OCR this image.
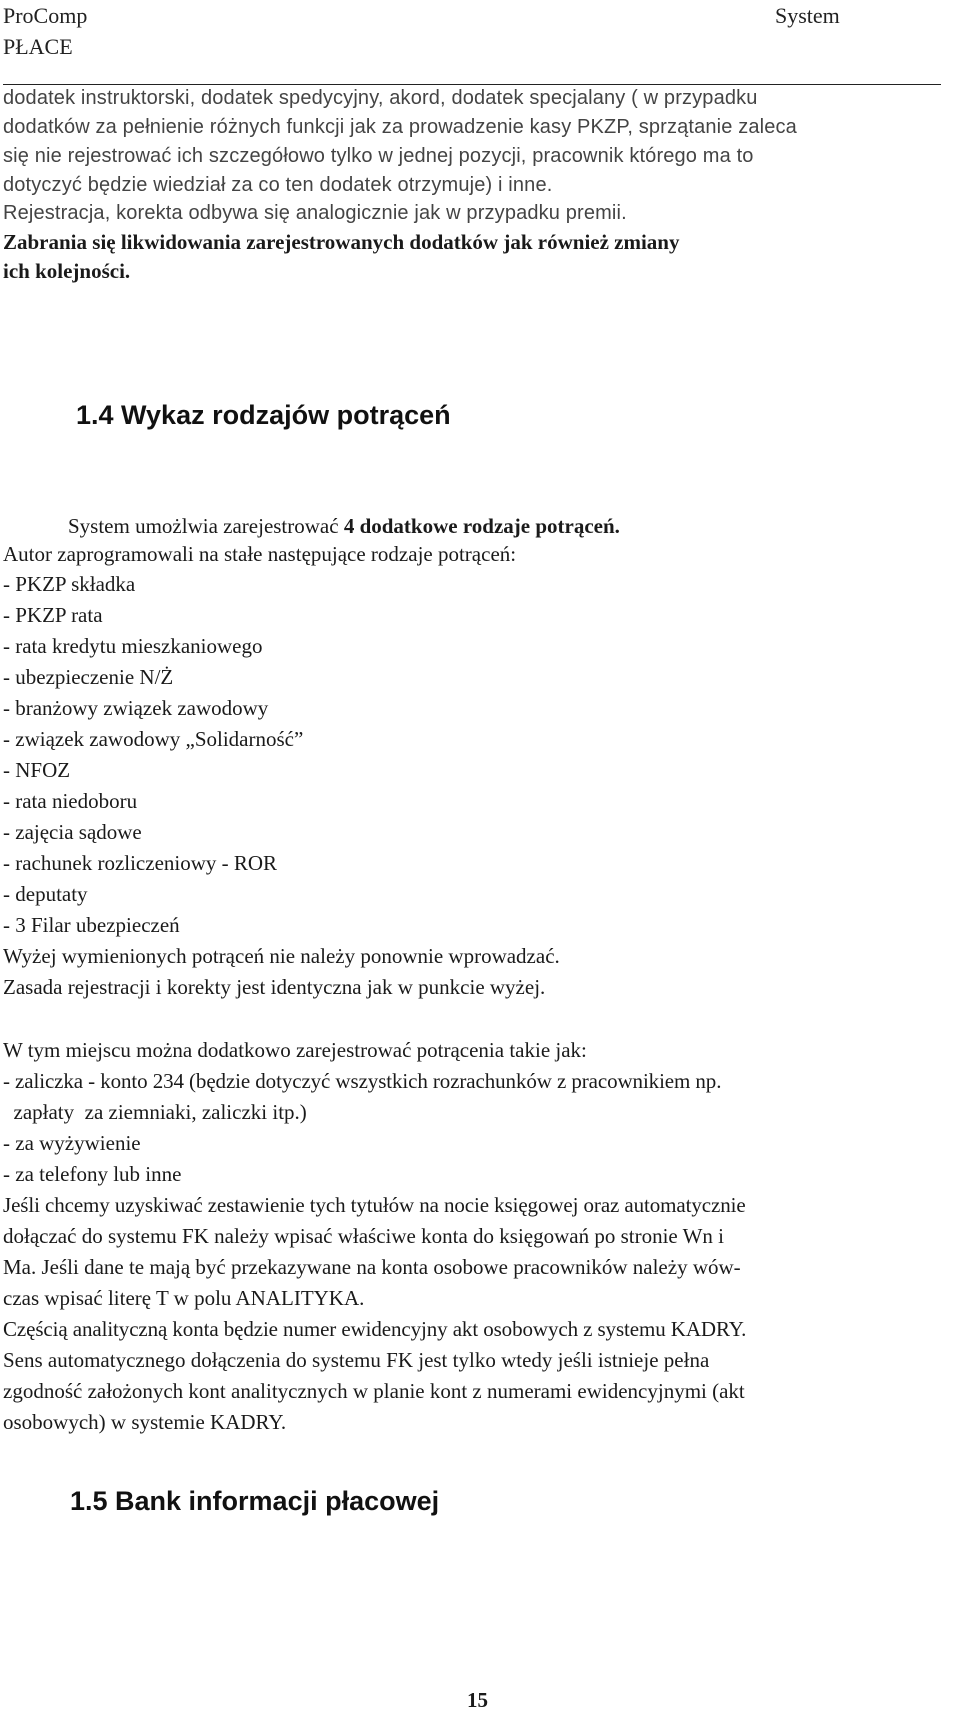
ProComp
PŁACE
System
dodatek instruktorski, dodatek spedycyjny, akord, dodatek specjalany ( w przypadku
dodatków za pełnienie różnych funkcji jak za prowadzenie kasy PKZP, sprzątanie zaleca
się nie rejestrować ich szczegółowo tylko w jednej pozycji, pracownik którego ma to
dotyczyć będzie wiedział za co ten dodatek otrzymuje) i inne.
Rejestracja, korekta odbywa się analogicznie jak w przypadku premii.
Zabrania się likwidowania zarejestrowanych dodatków jak również zmiany
ich kolejności.
1.4 Wykaz rodzajów potrąceń
System umożlwia zarejestrować 4 dodatkowe rodzaje potrąceń.
Autor zaprogramowali na stałe następujące rodzaje potrąceń:
- PKZP składka
- PKZP rata
- rata kredytu mieszkaniowego
- ubezpieczenie N/Ż
- branżowy związek zawodowy
- związek zawodowy „Solidarność”
- NFOZ
- rata niedoboru
- zajęcia sądowe
- rachunek rozliczeniowy - ROR
- deputaty
- 3 Filar ubezpieczeń
Wyżej wymienionych potrąceń nie należy ponownie wprowadzać.
Zasada rejestracji i korekty jest identyczna jak w punkcie wyżej.
W tym miejscu można dodatkowo zarejestrować potrącenia takie jak:
- zaliczka - konto 234 (będzie dotyczyć wszystkich rozrachunków z pracownikiem np.
zapłaty  za ziemniaki, zaliczki itp.)
- za wyżywienie
- za telefony lub inne
Jeśli chcemy uzyskiwać zestawienie tych tytułów na nocie księgowej oraz automatycznie
dołączać do systemu FK należy wpisać właściwe konta do księgowań po stronie Wn i
Ma. Jeśli dane te mają być przekazywane na konta osobowe pracowników należy wów-
czas wpisać literę T w polu ANALITYKA.
Częścią analityczną konta będzie numer ewidencyjny akt osobowych z systemu KADRY.
Sens automatycznego dołączenia do systemu FK jest tylko wtedy jeśli istnieje pełna
zgodność założonych kont analitycznych w planie kont z numerami ewidencyjnymi (akt
osobowych) w systemie KADRY.
1.5 Bank informacji płacowej
15
